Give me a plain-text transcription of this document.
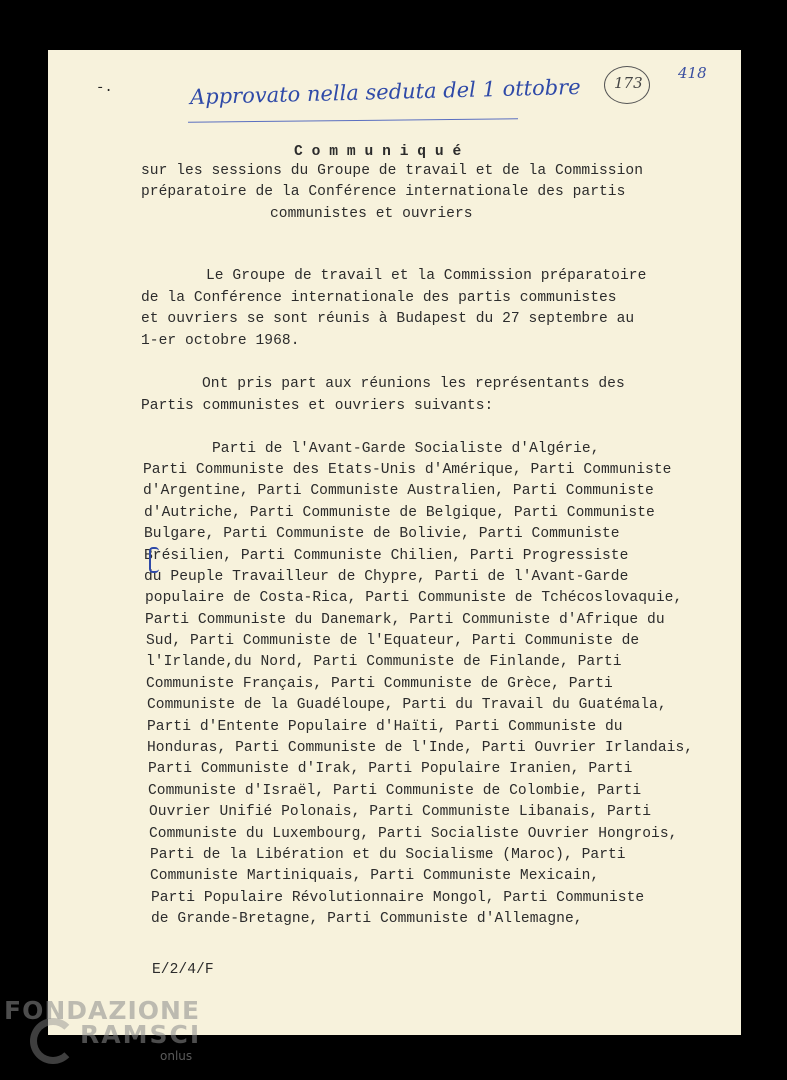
-.	Approvato nella seduta del 1 ottobre 173
418
C o m m u n i q u é
sur les sessions du Groupe de travail et de la Commission
préparatoire de la Conférence internationale des partis
communistes et ouvriers
Le Groupe de travail et la Commission préparatoire
de la Conférence internationale des partis communistes
et ouvriers se sont réunis à Budapest du 27 septembre au
1-er octobre 1968.
Ont pris part aux réunions les représentants des
Partis communistes et ouvriers suivants:
Parti de l'Avant-Garde Socialiste d'Algérie,
Parti Communiste des Etats-Unis d'Amérique, Parti Communiste
d'Argentine, Parti Communiste Australien, Parti Communiste
d'Autriche, Parti Communiste de Belgique, Parti Communiste
Bulgare, Parti Communiste de Bolivie, Parti Communiste
Brésilien, Parti Communiste Chilien, Parti Progressiste
du Peuple Travailleur de Chypre, Parti de l'Avant-Garde
populaire de Costa-Rica, Parti Communiste de Tchécoslovaquie,
Parti Communiste du Danemark, Parti Communiste d'Afrique du
Sud, Parti Communiste de l'Equateur, Parti Communiste de
l'Irlande,du Nord, Parti Communiste de Finlande, Parti
Communiste Français, Parti Communiste de Grèce, Parti
Communiste de la Guadéloupe, Parti du Travail du Guatémala,
Parti d'Entente Populaire d'Haïti, Parti Communiste du
Honduras, Parti Communiste de l'Inde, Parti Ouvrier Irlandais,
Parti Communiste d'Irak, Parti Populaire Iranien, Parti
Communiste d'Israël, Parti Communiste de Colombie, Parti
Ouvrier Unifié Polonais, Parti Communiste Libanais, Parti
Communiste du Luxembourg, Parti Socialiste Ouvrier Hongrois,
Parti de la Libération et du Socialisme (Maroc), Parti
Communiste Martiniquais, Parti Communiste Mexicain,
Parti Populaire Révolutionnaire Mongol, Parti Communiste
de Grande-Bretagne, Parti Communiste d'Allemagne,
E/2/4/F
FONDAZIONE
RAMSCI
onlus
